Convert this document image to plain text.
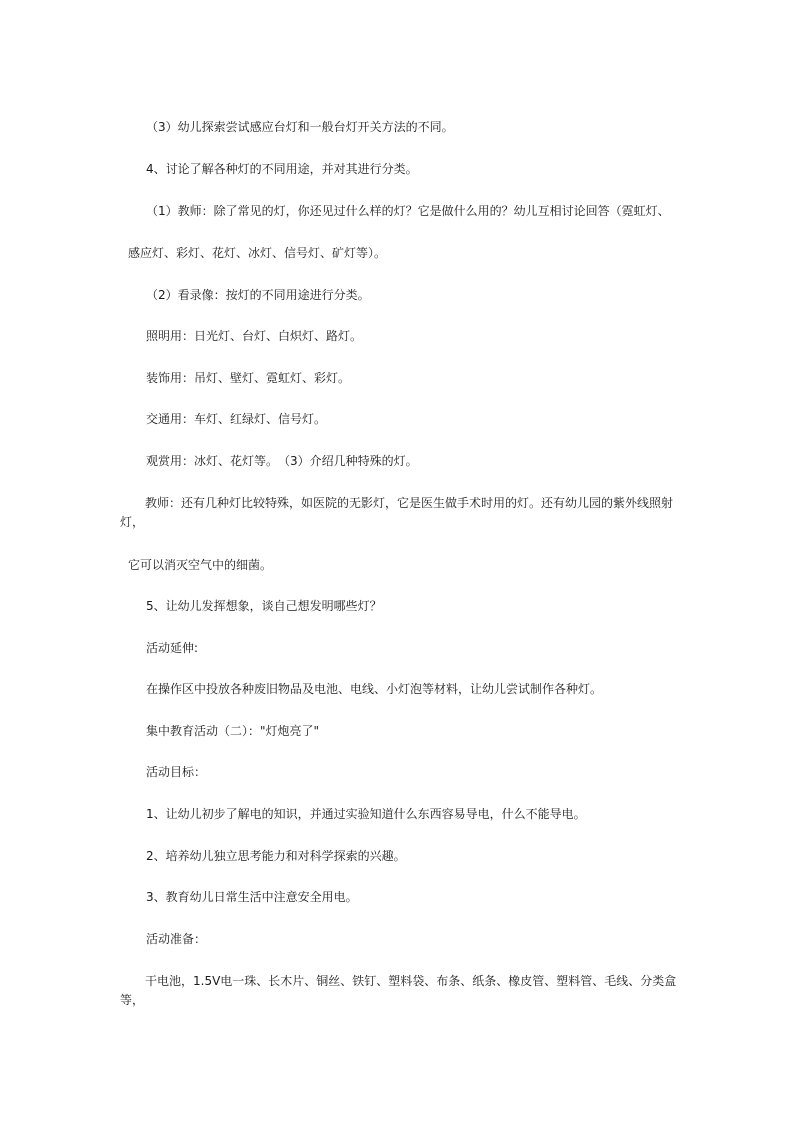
（3）幼儿探索尝试感应台灯和一般台灯开关方法的不同。
4、讨论了解各种灯的不同用途，并对其进行分类。
（1）教师：除了常见的灯，你还见过什么样的灯？它是做什么用的？幼儿互相讨论回答（霓虹灯、
感应灯、彩灯、花灯、冰灯、信号灯、矿灯等）。
（2）看录像：按灯的不同用途进行分类。
照明用：日光灯、台灯、白炽灯、路灯。
装饰用：吊灯、壁灯、霓虹灯、彩灯。
交通用：车灯、红绿灯、信号灯。
观赏用：冰灯、花灯等。　（3）介绍几种特殊的灯。
教师：还有几种灯比较特殊，如医院的无影灯，它是医生做手术时用的灯。还有幼儿园的紫外线照射灯，
它可以消灭空气中的细菌。
5、让幼儿发挥想象，谈自己想发明哪些灯？
活动延伸:
在操作区中投放各种废旧物品及电池、电线、小灯泡等材料，让幼儿尝试制作各种灯。
集中教育活动（二）："灯炮亮了"
活动目标：
1、让幼儿初步了解电的知识，并通过实验知道什么东西容易导电，什么不能导电。
2、培养幼儿独立思考能力和对科学探索的兴趣。
3、教育幼儿日常生活中注意安全用电。
活动准备：
干电池，1.5V电一珠、长木片、铜丝、铁钉、塑料袋、布条、纸条、橡皮管、塑料管、毛线、分类盒等，
